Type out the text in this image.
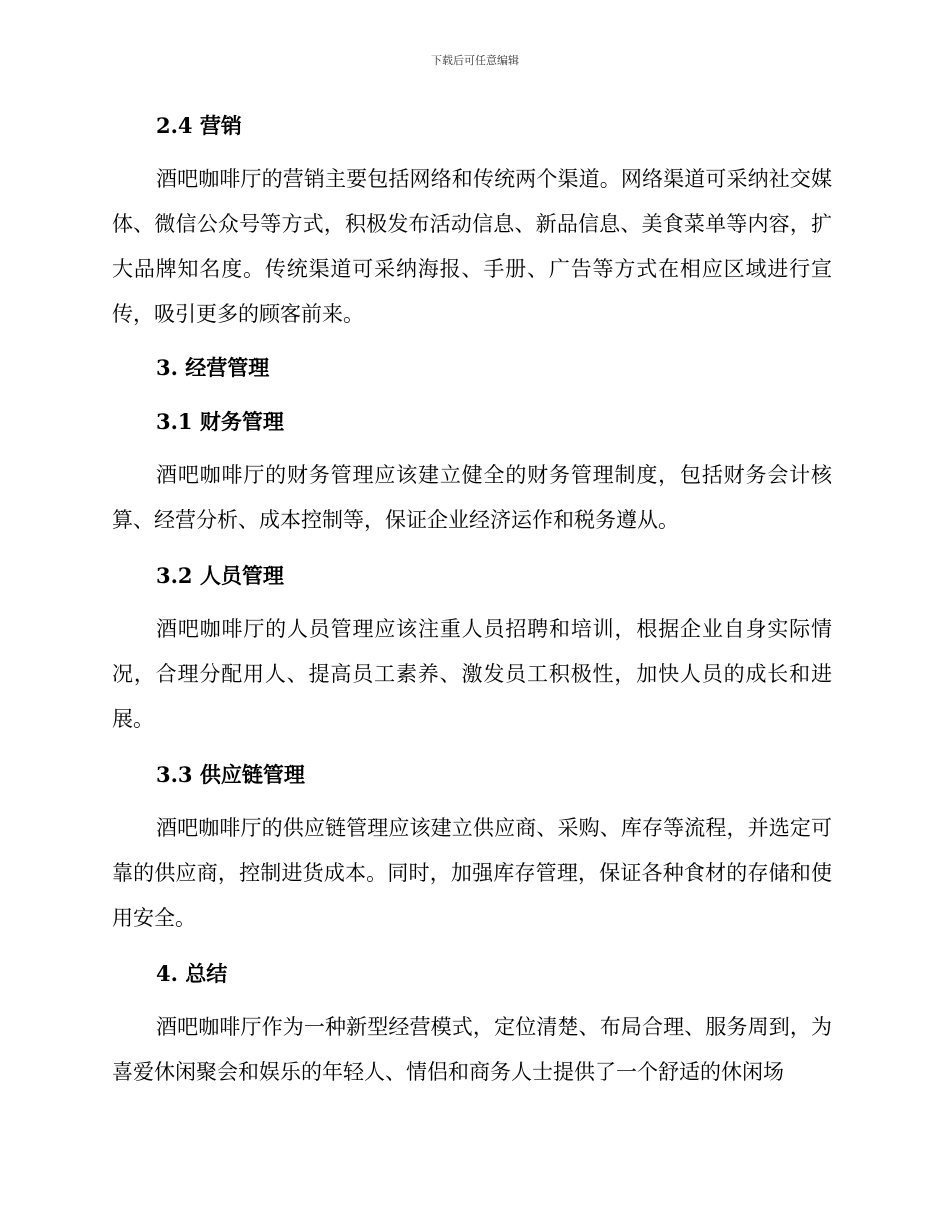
下载后可任意编辑
2.4 营销

酒吧咖啡厅的营销主要包括网络和传统两个渠道。网络渠道可采纳社交媒体、微信公众号等方式，积极发布活动信息、新品信息、美食菜单等内容，扩大品牌知名度。传统渠道可采纳海报、手册、广告等方式在相应区域进行宣传，吸引更多的顾客前来。

3. 经营管理
3.1 财务管理

酒吧咖啡厅的财务管理应该建立健全的财务管理制度，包括财务会计核算、经营分析、成本控制等，保证企业经济运作和税务遵从。

3.2 人员管理

酒吧咖啡厅的人员管理应该注重人员招聘和培训，根据企业自身实际情况，合理分配用人、提高员工素养、激发员工积极性，加快人员的成长和进展。

3.3 供应链管理

酒吧咖啡厅的供应链管理应该建立供应商、采购、库存等流程，并选定可靠的供应商，控制进货成本。同时，加强库存管理，保证各种食材的存储和使用安全。

4. 总结

酒吧咖啡厅作为一种新型经营模式，定位清楚、布局合理、服务周到，为喜爱休闲聚会和娱乐的年轻人、情侣和商务人士提供了一个舒适的休闲场
